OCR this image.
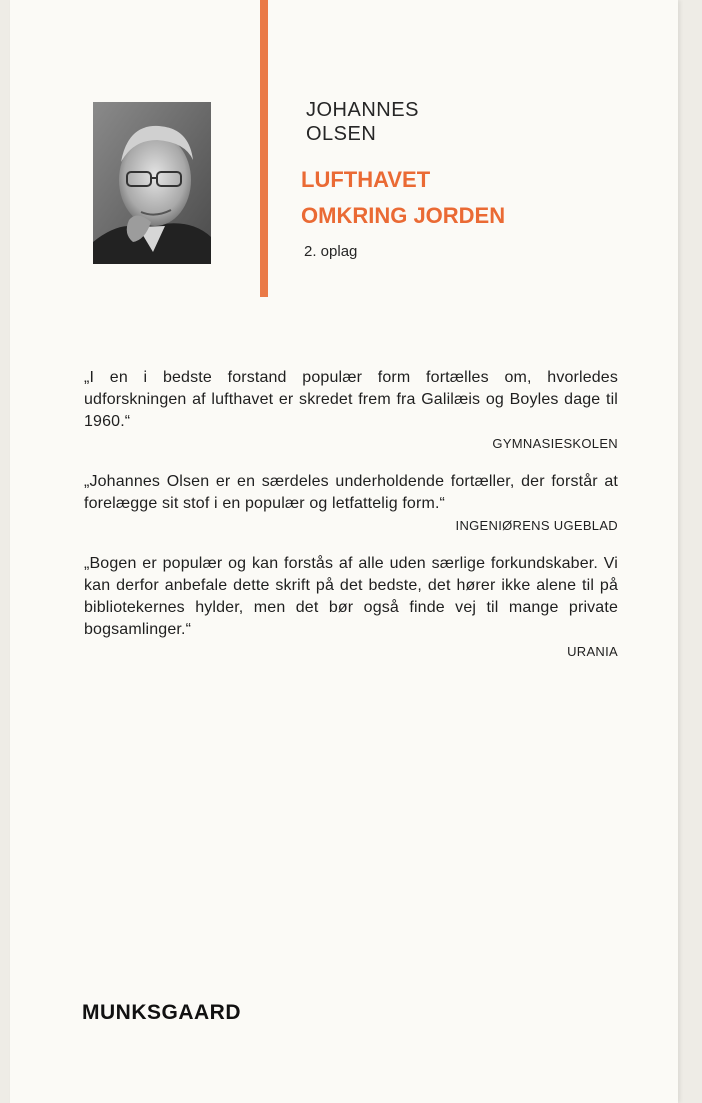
JOHANNES
OLSEN
LUFTHAVET
OMKRING JORDEN
2. oplag

„I en i bedste forstand populær form fortælles om, hvorledes udforskningen af lufthavet er skredet frem fra Galilæis og Boyles dage til 1960.“

GYMNASIESKOLEN

„Johannes Olsen er en særdeles underholdende fortæller, der forstår at forelægge sit stof i en populær og letfattelig form.“

INGENIØRENS UGEBLAD

„Bogen er populær og kan forstås af alle uden særlige forkundskaber. Vi kan derfor anbefale dette skrift på det bedste, det hører ikke alene til på bibliotekernes hylder, men det bør også finde vej til mange private bogsamlinger.“

URANIA
MUNKSGAARD
